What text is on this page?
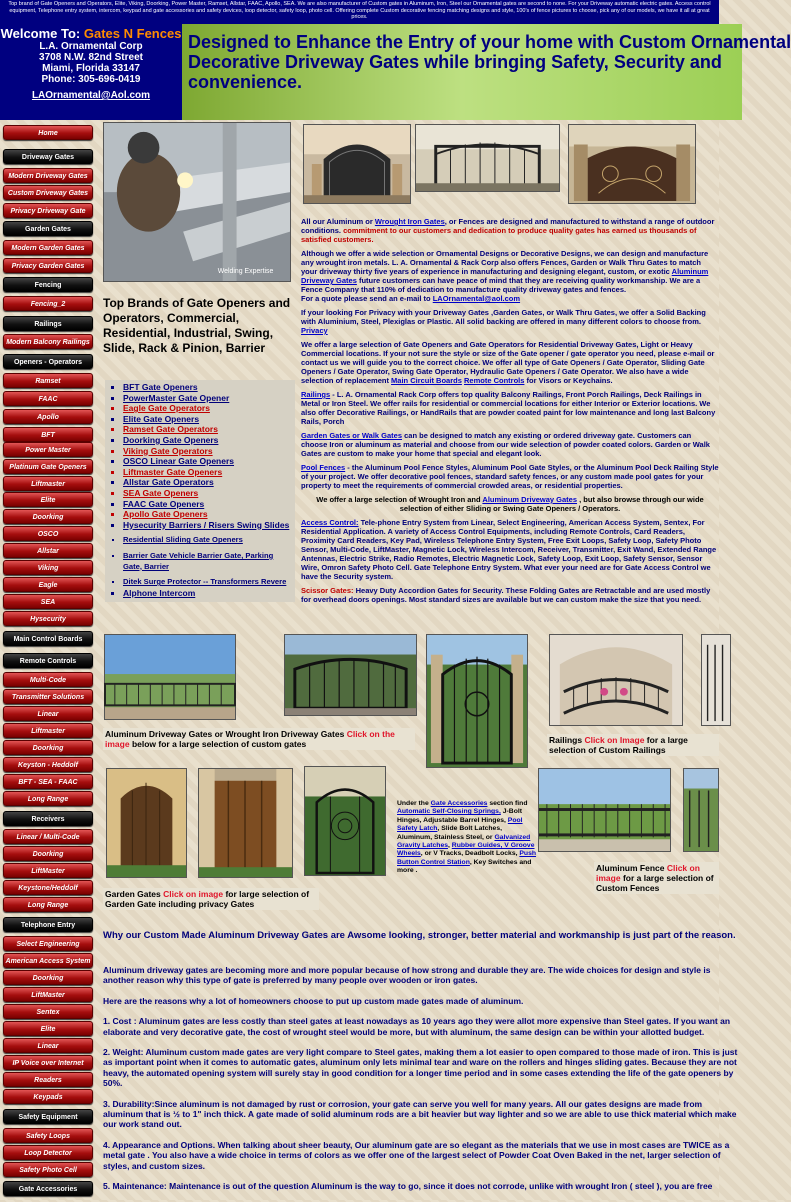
Top brand of Gate Openers and Operators, Elite, Viking, Doorking, Power Master, Ramset, Allstar, FAAC, Apollo, SEA. We are also manufacturer of Custom gates in Aluminum, Iron, Steel our Ornamental gates are second to none. For your Driveway automatic electric gates. Access control equipment, Telephone entry system, intercom, keypad and gate accessories and safety devices, loop detector, safety loop, photo cell. Offering complete Custom decorative fencing matching designs and style, 100's of fence pictures to choose, pick any of our models, we have it all at great prices.
Welcome To: Gates N Fences
L.A. Ornamental Corp
3708 N.W. 82nd Street
Miami, Florida 33147
Phone: 305-696-0419
LAOrnamental@Aol.com
Designed to Enhance the Entry of your home with Custom Ornamental
Decorative Driveway Gates while bringing Safety, Security and
convenience.
Home
Driveway Gates
Modern Driveway Gates
Custom Driveway Gates
Privacy Driveway Gate
Garden Gates
Modern Garden Gates
Privacy Garden Gates
Fencing
Fencing_2
Railings
Modern Balcony Railings
Openers - Operators
Ramset
FAAC
Apollo
BFT
Power Master
Platinum Gate Openers
Liftmaster
Elite
Doorking
OSCO
Allstar
Viking
Eagle
SEA
Hysecurity
Main Control Boards
Remote Controls
Multi-Code
Transmitter Solutions
Linear
Liftmaster
Doorking
Keyston - Heddolf
BFT - SEA - FAAC
Long Range
Receivers
Linear / Multi-Code
Doorking
LiftMaster
Keystone/Heddolf
Long Range
Telephone Entry
Select Engineering
American Access System
Doorking
LiftMaster
Sentex
Elite
Linear
IP Voice over Internet
Readers
Keypads
Safety Equipment
Safety Loops
Loop Detector
Safety Photo Cell
Gate Accessories
Welding Expertise
Top Brands of Gate Openers and Operators, Commercial, Residential, Industrial, Swing, Slide, Rack & Pinion, Barrier
▪ BFT Gate Openers
▪ PowerMaster Gate Opener
▪ Eagle Gate Operators
▪ Elite Gate Openers
▪ Ramset Gate Operators
▪ Doorking Gate Openers
▪ Viking Gate Operators
▪ OSCO Linear Gate Openers
▪ Liftmaster Gate Openers
▪ Allstar Gate Operators
▪ SEA Gate Openers
▪ FAAC Gate Openers
▪ Apollo Gate Openers
▪ Hysecurity Barriers / Risers Swing Slides
▪ Residential Sliding Gate Openers
▪ Barrier Gate Vehicle Barrier Gate, Parking Gate, Barrier
▪ Ditek Surge Protector -- Transformers Revere
▪ Alphone Intercom

All our Aluminum or Wrought Iron Gates, or Fences are designed and manufactured to withstand a range of outdoor conditions. commitment to our customers and dedication to produce quality gates has earned us thousands of satisfied customers.

Although we offer a wide selection or Ornamental Designs or Decorative Designs, we can design and manufacture any wrought iron metals. L. A. Ornamental & Rack Corp also offers Fences, Garden or Walk Thru Gates to match your driveway thirty five years of experience in manufacturing and designing elegant, custom, or exotic Aluminum Driveway Gates future customers can have peace of mind that they are receiving quality workmanship. We are a Fence Company that 110% of dedication to manufacture quality driveway gates and fences.
For a quote please send an e-mail to LAOrnamental@aol.com

If your looking For Privacy with your Driveway Gates ,Garden Gates, or Walk Thru Gates, we offer a Solid Backing with Aluminium, Steel, Plexiglas or Plastic. All solid backing are offered in many different colors to choose from. Privacy

We offer a large selection of Gate Openers and Gate Operators for Residential Driveway Gates, Light or Heavy Commercial locations. If your not sure the style or size of the Gate opener / gate operator you need, please e-mail or contact us we will guide you to the correct choice. We offer all type of Gate Openers / Gate Operator, Sliding Gate Openers / Gate Operator, Swing Gate Operator, Hydraulic Gate Openers / Gate Operator. We also have a wide selection of replacement Main Circuit Boards Remote Controls for Visors or Keychains.

Railings - L. A. Ornamental Rack Corp offers top quality Balcony Railings, Front Porch Railings, Deck Railings in Metal or Iron Steel. We offer rails for residential or commercial locations for either Interior or Exterior locations. We also offer Decorative Railings, or HandRails that are powder coated paint for low maintenance and long last Balcony Rails, Porch

Garden Gates or Walk Gates can be designed to match any existing or ordered driveway gate. Customers can choose Iron or aluminum as material and choose from our wide selection of powder coated colors. Garden or Walk Gates are custom to make your home that special and elegant look.

Pool Fences - the Aluminum Pool Fence Styles, Aluminum Pool Gate Styles, or the Aluminum Pool Deck Railing Style of your project. We offer decorative pool fences, standard safety fences, or any custom made pool gates for your property to meet the requirements of commercial crowded areas, or residential properties.

We offer a large selection of Wrought Iron and Aluminum Driveway Gates , but also browse through our wide selection of either Sliding or Swing Gate Openers / Operators.

Access Control: Tele-phone Entry System from Linear, Select Engineering, American Access System, Sentex, For Residential Application. A variety of Access Control Equipments, including Remote Controls, Card Readers, Proximity Card Readers, Key Pad, Wireless Telephone Entry System, Free Exit Loops, Safety Loop, Safety Photo Sensor, Multi-Code, LiftMaster, Magnetic Lock, Wireless Intercom, Receiver, Transmitter, Exit Wand, Extended Range Antennas, Electric Strike, Radio Remotes, Electric Magnetic Lock, Safety Loop, Exit Loop, Safety Sensor, Sensor Wire, Omron Safety Photo Cell. Gate Telephone Entry System. What ever your need are for Gate Access Control we have the Security system.

Scissor Gates: Heavy Duty Accordion Gates for Security. These Folding Gates are Retractable and are used mostly for overhead doors openings. Most standard sizes are available but we can custom make the size that you need.

Aluminum Driveway Gates or Wrought Iron Driveway Gates Click on the image below for a large selection of custom gates	Railings Click on Image for a large selection of Custom Railings
Under the Gate Accessories section find Automatic Self-Closing Springs, J-Bolt Hinges, Adjustable Barrel Hinges, Pool Safety Latch, Slide Bolt Latches, Aluminum, Stainless Steel, or Galvanized Gravity Latches, Rubber Guides, V Groove Wheels, or V Tracks, Deadbolt Locks, Push Button Control Station, Key Switches and more .	Aluminum Fence Click on image for a large selection of Custom Fences
Garden Gates Click on image for large selection of Garden Gate including privacy Gates
Why our Custom Made Aluminum Driveway Gates are Awsome looking, stronger, better material and workmanship is just part of the reason.

Aluminum driveway gates are becoming more and more popular because of how strong and durable they are. The wide choices for design and style is another reason why this type of gate is preferred by many people over wooden or iron gates.

Here are the reasons why a lot of homeowners choose to put up custom made gates made of aluminum.

1. Cost : Aluminum gates are less costly than steel gates at least nowadays as 10 years ago they were allot more expensive than Steel gates. If you want an elaborate and very decorative gate, the cost of wrought steel would be more, but with aluminum, the same design can be within your allotted budget.

2. Weight: Aluminum custom made gates are very light compare to Steel gates, making them a lot easier to open compared to those made of iron. This is just as important point when it comes to automatic gates, aluminum only lets minimal tear and ware on the rollers and hinges sliding gates. Because they are not heavy, the automated opening system will surely stay in good condition for a longer time period and in some cases extending the life of the gate openers by 50%.

3. Durability:Since aluminum is not damaged by rust or corrosion, your gate can serve you well for many years. All our gates designs are made from aluminum that is ½ to 1" inch thick. A gate made of solid aluminum rods are a bit heavier but way lighter and so we are able to use thick material which make our work stand out.

4. Appearance and Options. When talking about sheer beauty, Our aluminum gate are so elegant as the materials that we use in most cases are TWICE as a metal gate . You also have a wide choice in terms of colors as we offer one of the largest select of Powder Coat Oven Baked in the net, larger selection of styles, and custom sizes.

5. Maintenance: Maintenance is out of the question Aluminum is the way to go, since it does not corrode, unlike with wrought Iron ( steel ), you are free
